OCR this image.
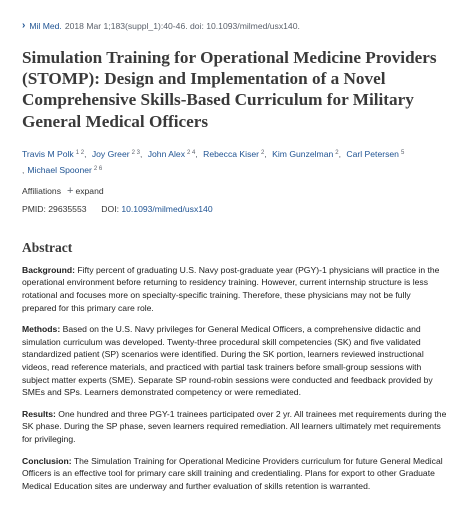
› Mil Med. 2018 Mar 1;183(suppl_1):40-46. doi: 10.1093/milmed/usx140.
Simulation Training for Operational Medicine Providers (STOMP): Design and Implementation of a Novel Comprehensive Skills-Based Curriculum for Military General Medical Officers
Travis M Polk $^{1 2}$, Joy Greer $^{2 3}$, John Alex $^{2 4}$, Rebecca Kiser $^2$, Kim Gunzelman $^2$, Carl Petersen $^5$
, Michael Spooner $^{2 6}$
Affiliations + expand
PMID: 29635553 DOI: 10.1093/milmed/usx140
Abstract

Background: Fifty percent of graduating U.S. Navy post-graduate year (PGY)-1 physicians will practice in the operational environment before returning to residency training. However, current internship structure is less rotational and focuses more on specialty-specific training. Therefore, these physicians may not be fully prepared for this primary care role.

Methods: Based on the U.S. Navy privileges for General Medical Officers, a comprehensive didactic and simulation curriculum was developed. Twenty-three procedural skill competencies (SK) and five validated standardized patient (SP) scenarios were identified. During the SK portion, learners reviewed instructional videos, read reference materials, and practiced with partial task trainers before small-group sessions with subject matter experts (SME). Separate SP round-robin sessions were conducted and feedback provided by SMEs and SPs. Learners demonstrated competency or were remediated.

Results: One hundred and three PGY-1 trainees participated over 2 yr. All trainees met requirements during the SK phase. During the SP phase, seven learners required remediation. All learners ultimately met requirements for privileging.

Conclusion: The Simulation Training for Operational Medicine Providers curriculum for future General Medical Officers is an effective tool for primary care skill training and credentialing. Plans for export to other Graduate Medical Education sites are underway and further evaluation of skills retention is warranted.
